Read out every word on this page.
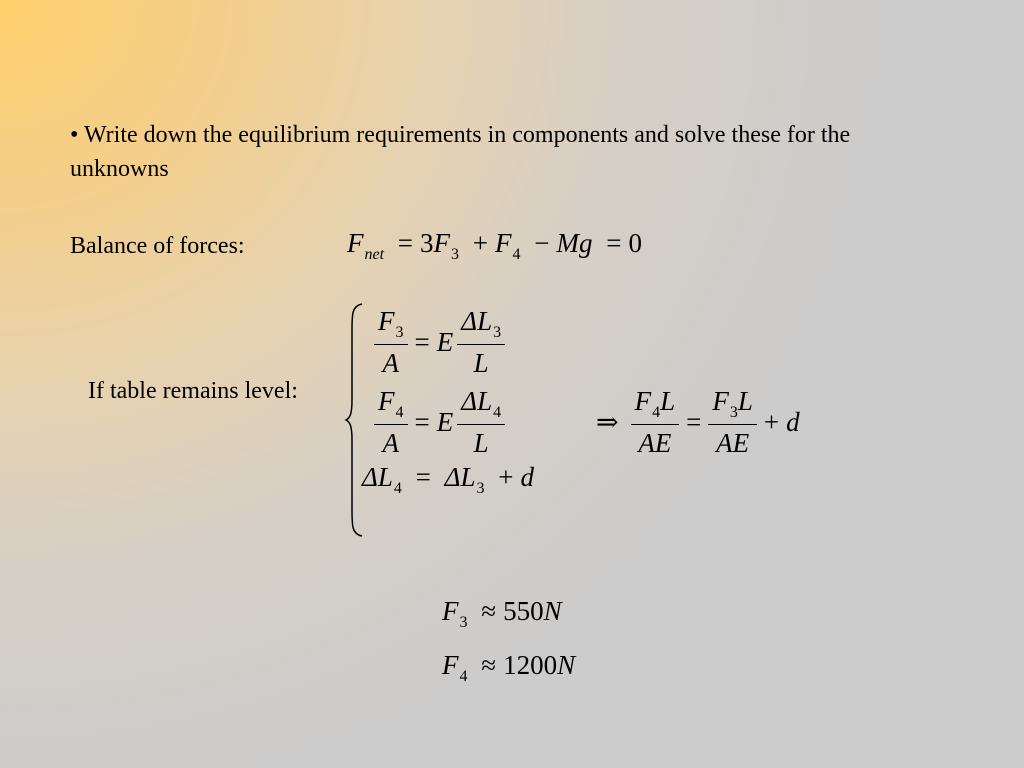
• Write down the equilibrium requirements in components and solve these for the unknowns
Balance of forces:	$F_{net} = 3F_3 + F_4 - Mg = 0$
If table remains level:
$\frac{F_3}{A} = E \frac{\Delta L_3}{L}$
$\frac{F_4}{A} = E \frac{\Delta L_4}{L}$
$\Delta L_4 = \Delta L_3 + d$
⇒ $\frac{F_4L}{AE} = \frac{F_3L}{AE} + d$
$F_3 \approx 550N$
$F_4 \approx 1200N$
